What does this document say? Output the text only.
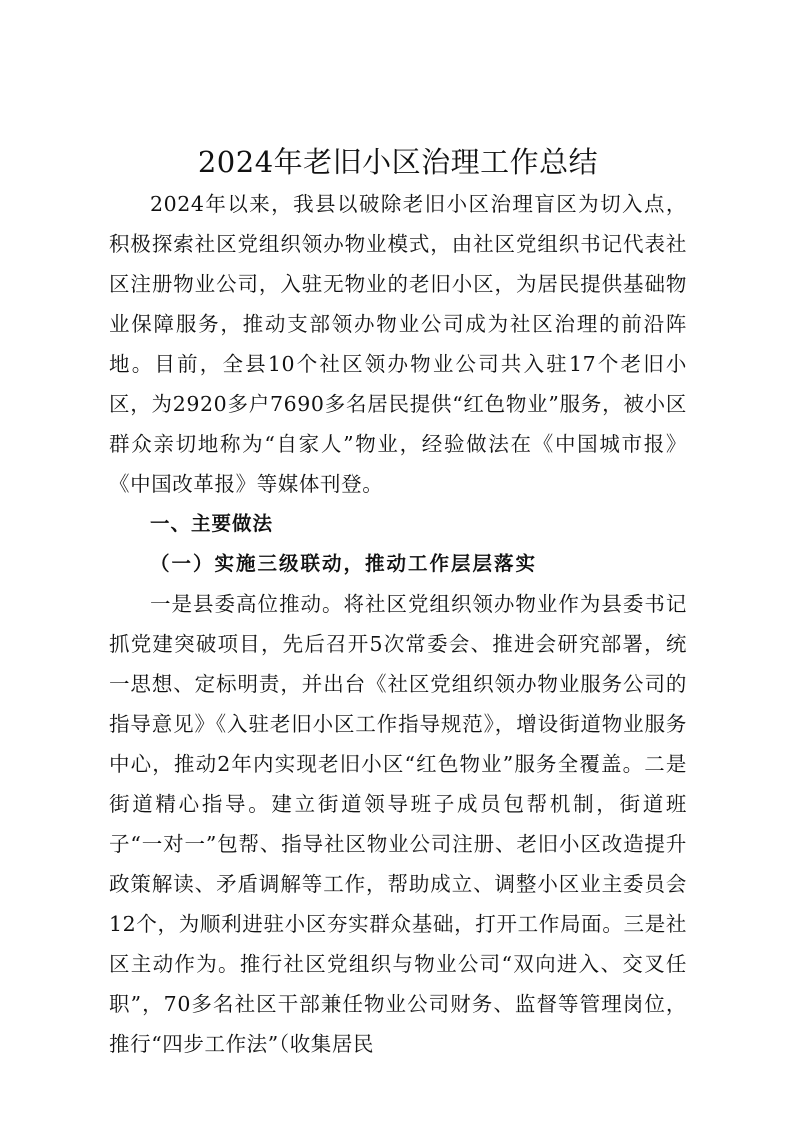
2024年老旧小区治理工作总结

2024年以来，我县以破除老旧小区治理盲区为切入点，积极探索社区党组织领办物业模式，由社区党组织书记代表社区注册物业公司，入驻无物业的老旧小区，为居民提供基础物业保障服务，推动支部领办物业公司成为社区治理的前沿阵地。目前，全县10个社区领办物业公司共入驻17个老旧小区，为2920多户7690多名居民提供“红色物业”服务，被小区群众亲切地称为“自家人”物业，经验做法在《中国城市报》《中国改革报》等媒体刊登。

一、主要做法

（一）实施三级联动，推动工作层层落实

一是县委高位推动。将社区党组织领办物业作为县委书记抓党建突破项目，先后召开5次常委会、推进会研究部署，统一思想、定标明责，并出台《社区党组织领办物业服务公司的指导意见》《入驻老旧小区工作指导规范》，增设街道物业服务中心，推动2年内实现老旧小区“红色物业”服务全覆盖。二是街道精心指导。建立街道领导班子成员包帮机制，街道班子“一对一”包帮、指导社区物业公司注册、老旧小区改造提升政策解读、矛盾调解等工作，帮助成立、调整小区业主委员会12个，为顺利进驻小区夯实群众基础，打开工作局面。三是社区主动作为。推行社区党组织与物业公司“双向进入、交叉任职”，70多名社区干部兼任物业公司财务、监督等管理岗位，推行“四步工作法”（收集居民
